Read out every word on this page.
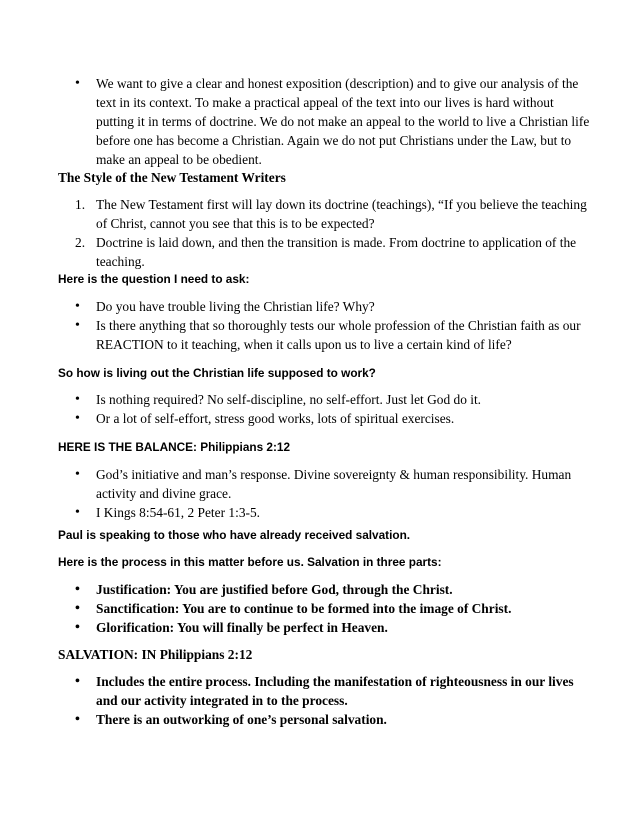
• We want to give a clear and honest exposition (description) and to give our analysis of the text in its context. To make a practical appeal of the text into our lives is hard without putting it in terms of doctrine. We do not make an appeal to the world to live a Christian life before one has become a Christian. Again we do not put Christians under the Law, but to make an appeal to be obedient.
The Style of the New Testament Writers
1. The New Testament first will lay down its doctrine (teachings), “If you believe the teaching of Christ, cannot you see that this is to be expected?
2. Doctrine is laid down, and then the transition is made. From doctrine to application of the teaching.
Here is the question I need to ask:
• Do you have trouble living the Christian life? Why?
• Is there anything that so thoroughly tests our whole profession of the Christian faith as our REACTION to it teaching, when it calls upon us to live a certain kind of life?
So how is living out the Christian life supposed to work?
• Is nothing required? No self-discipline, no self-effort. Just let God do it.
• Or a lot of self-effort, stress good works, lots of spiritual exercises.
HERE IS THE BALANCE: Philippians 2:12
• God’s initiative and man’s response. Divine sovereignty & human responsibility. Human activity and divine grace.
• I Kings 8:54-61, 2 Peter 1:3-5.
Paul is speaking to those who have already received salvation.
Here is the process in this matter before us. Salvation in three parts:
• Justification: You are justified before God, through the Christ.
• Sanctification: You are to continue to be formed into the image of Christ.
• Glorification: You will finally be perfect in Heaven.
SALVATION: IN Philippians 2:12
• Includes the entire process. Including the manifestation of righteousness in our lives and our activity integrated in to the process.
• There is an outworking of one’s personal salvation.
